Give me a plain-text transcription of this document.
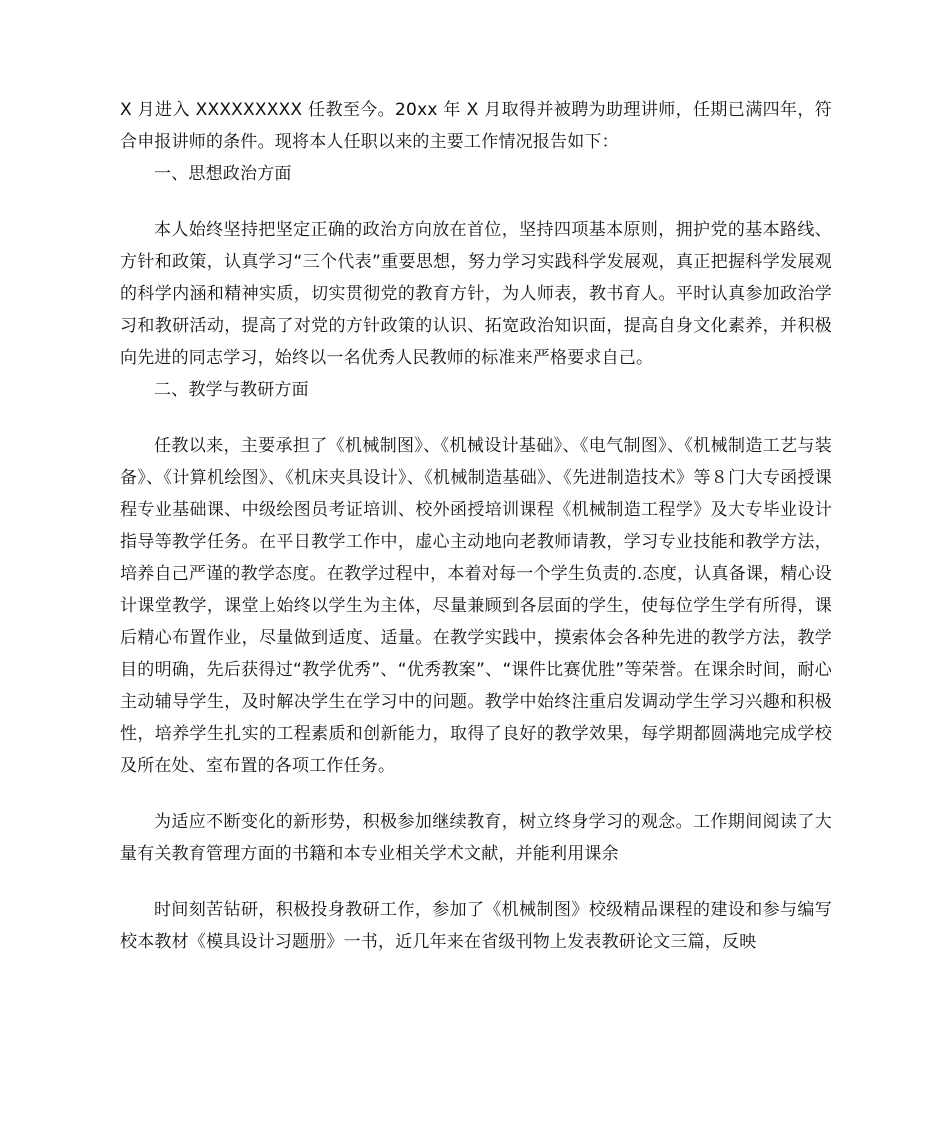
X 月进入 XXXXXXXXX 任教至今。20xx 年 X 月取得并被聘为助理讲师，任期已满四年，符合申报讲师的条件。现将本人任职以来的主要工作情况报告如下：

一、思想政治方面

本人始终坚持把坚定正确的政治方向放在首位，坚持四项基本原则，拥护党的基本路线、方针和政策，认真学习“三个代表”重要思想，努力学习实践科学发展观，真正把握科学发展观的科学内涵和精神实质，切实贯彻党的教育方针，为人师表，教书育人。平时认真参加政治学习和教研活动，提高了对党的方针政策的认识、拓宽政治知识面，提高自身文化素养，并积极向先进的同志学习，始终以一名优秀人民教师的标准来严格要求自己。

二、教学与教研方面

任教以来，主要承担了《机械制图》、《机械设计基础》、《电气制图》、《机械制造工艺与装备》、《计算机绘图》、《机床夹具设计》、《机械制造基础》、《先进制造技术》等８门大专函授课程专业基础课、中级绘图员考证培训、校外函授培训课程《机械制造工程学》及大专毕业设计指导等教学任务。在平日教学工作中，虚心主动地向老教师请教，学习专业技能和教学方法，培养自己严谨的教学态度。在教学过程中，本着对每一个学生负责的.态度，认真备课，精心设计课堂教学，课堂上始终以学生为主体，尽量兼顾到各层面的学生，使每位学生学有所得，课后精心布置作业，尽量做到适度、适量。在教学实践中，摸索体会各种先进的教学方法，教学目的明确，先后获得过“教学优秀”、“优秀教案”、“课件比赛优胜”等荣誉。在课余时间，耐心主动辅导学生，及时解决学生在学习中的问题。教学中始终注重启发调动学生学习兴趣和积极性，培养学生扎实的工程素质和创新能力，取得了良好的教学效果，每学期都圆满地完成学校及所在处、室布置的各项工作任务。

为适应不断变化的新形势，积极参加继续教育，树立终身学习的观念。工作期间阅读了大量有关教育管理方面的书籍和本专业相关学术文献，并能利用课余

时间刻苦钻研，积极投身教研工作，参加了《机械制图》校级精品课程的建设和参与编写校本教材《模具设计习题册》一书，近几年来在省级刊物上发表教研论文三篇，反映
